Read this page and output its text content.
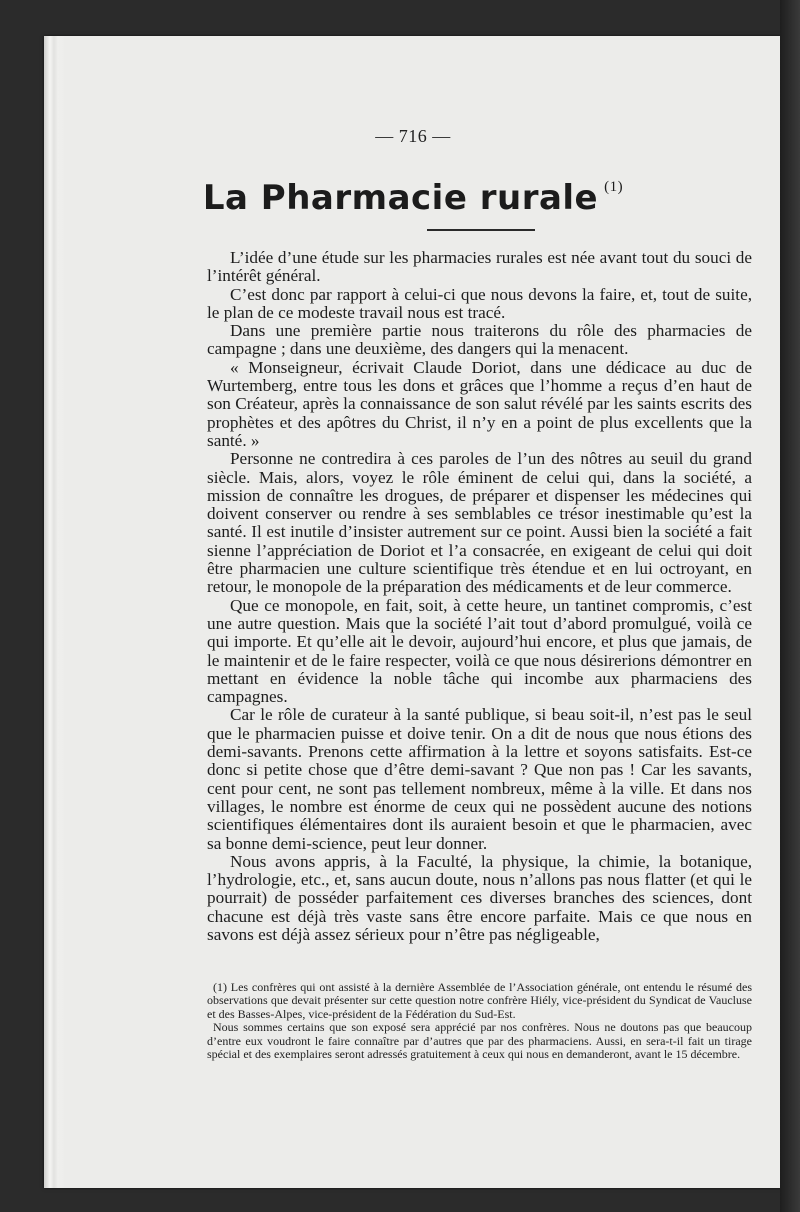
— 716 —
La Pharmacie rurale $^{(1)}$

L’idée d’une étude sur les pharmacies rurales est née avant tout du souci de l’intérêt général.

C’est donc par rapport à celui-ci que nous devons la faire, et, tout de suite, le plan de ce modeste travail nous est tracé.

Dans une première partie nous traiterons du rôle des pharmacies de campagne ; dans une deuxième, des dangers qui la menacent.

« Monseigneur, écrivait Claude Doriot, dans une dédicace au duc de Wurtemberg, entre tous les dons et grâces que l’homme a reçus d’en haut de son Créateur, après la connaissance de son salut révélé par les saints escrits des prophètes et des apôtres du Christ, il n’y en a point de plus excellents que la santé. »

Personne ne contredira à ces paroles de l’un des nôtres au seuil du grand siècle. Mais, alors, voyez le rôle éminent de celui qui, dans la société, a mission de connaître les drogues, de préparer et dispenser les médecines qui doivent conserver ou rendre à ses semblables ce trésor inestimable qu’est la santé. Il est inutile d’insister autrement sur ce point. Aussi bien la société a fait sienne l’appréciation de Doriot et l’a consacrée, en exigeant de celui qui doit être pharmacien une culture scientifique très étendue et en lui octroyant, en retour, le monopole de la préparation des médicaments et de leur commerce.

Que ce monopole, en fait, soit, à cette heure, un tantinet compromis, c’est une autre question. Mais que la société l’ait tout d’abord promulgué, voilà ce qui importe. Et qu’elle ait le devoir, aujourd’hui encore, et plus que jamais, de le maintenir et de le faire respecter, voilà ce que nous désirerions démontrer en mettant en évidence la noble tâche qui incombe aux pharmaciens des campagnes.

Car le rôle de curateur à la santé publique, si beau soit-il, n’est pas le seul que le pharmacien puisse et doive tenir. On a dit de nous que nous étions des demi-savants. Prenons cette affirmation à la lettre et soyons satisfaits. Est-ce donc si petite chose que d’être demi-savant ? Que non pas ! Car les savants, cent pour cent, ne sont pas tellement nombreux, même à la ville. Et dans nos villages, le nombre est énorme de ceux qui ne possèdent aucune des notions scientifiques élémentaires dont ils auraient besoin et que le pharmacien, avec sa bonne demi-science, peut leur donner.

Nous avons appris, à la Faculté, la physique, la chimie, la botanique, l’hydrologie, etc., et, sans aucun doute, nous n’allons pas nous flatter (et qui le pourrait) de posséder parfaitement ces diverses branches des sciences, dont chacune est déjà très vaste sans être encore parfaite. Mais ce que nous en savons est déjà assez sérieux pour n’être pas négligeable,

(1) Les confrères qui ont assisté à la dernière Assemblée de l’Association générale, ont entendu le résumé des observations que devait présenter sur cette question notre confrère Hiély, vice-président du Syndicat de Vaucluse et des Basses-Alpes, vice-président de la Fédération du Sud-Est.

Nous sommes certains que son exposé sera apprécié par nos confrères. Nous ne doutons pas que beaucoup d’entre eux voudront le faire connaître par d’autres que par des pharmaciens. Aussi, en sera-t-il fait un tirage spécial et des exemplaires seront adressés gratuitement à ceux qui nous en demanderont, avant le 15 décembre.
